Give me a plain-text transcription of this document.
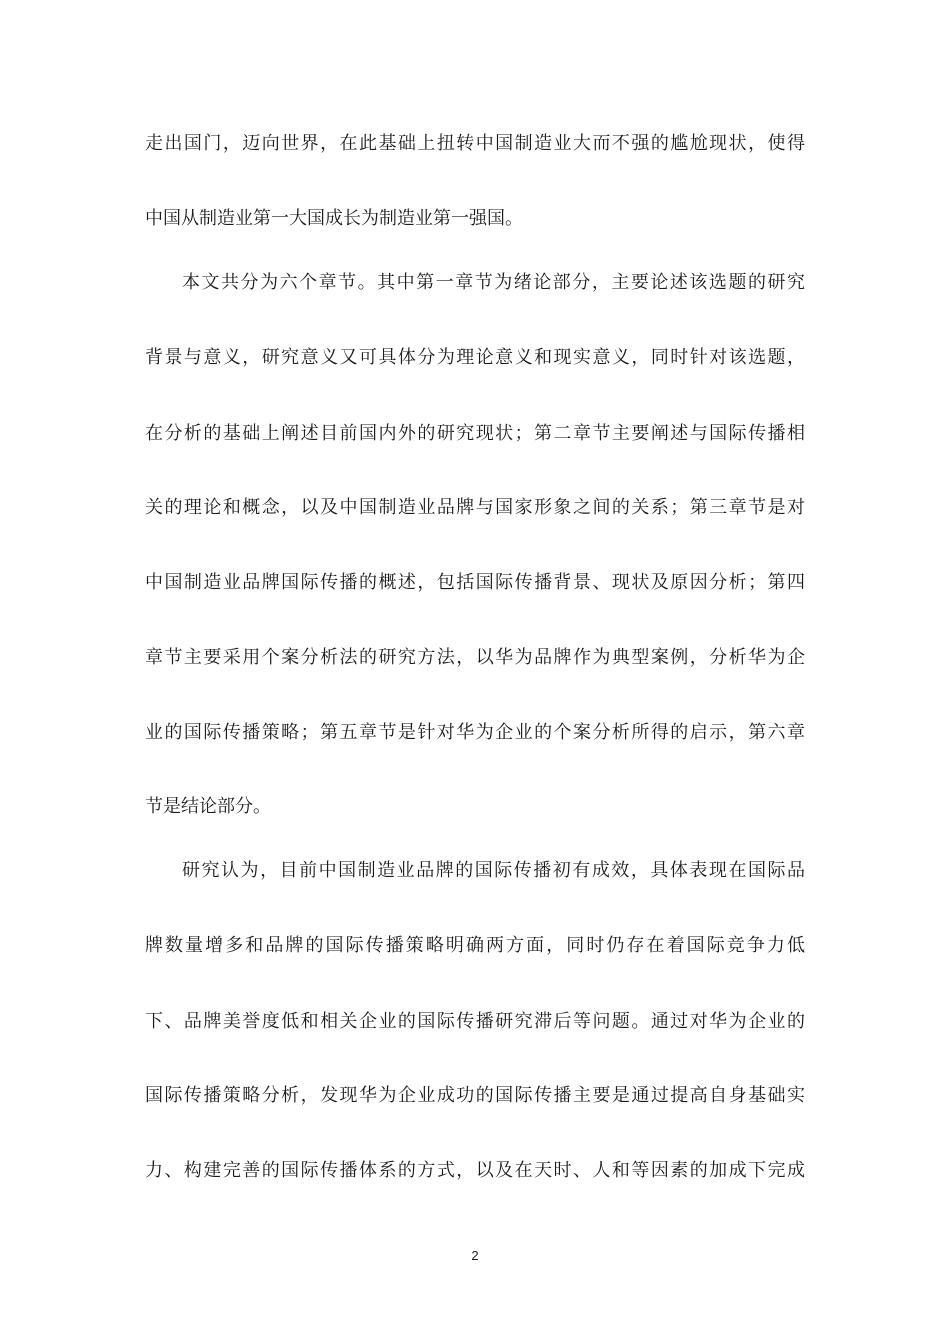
走出国门，迈向世界，在此基础上扭转中国制造业大而不强的尴尬现状，使得
中国从制造业第一大国成长为制造业第一强国。
本文共分为六个章节。其中第一章节为绪论部分，主要论述该选题的研究
背景与意义，研究意义又可具体分为理论意义和现实意义，同时针对该选题，
在分析的基础上阐述目前国内外的研究现状；第二章节主要阐述与国际传播相
关的理论和概念，以及中国制造业品牌与国家形象之间的关系；第三章节是对
中国制造业品牌国际传播的概述，包括国际传播背景、现状及原因分析；第四
章节主要采用个案分析法的研究方法，以华为品牌作为典型案例，分析华为企
业的国际传播策略；第五章节是针对华为企业的个案分析所得的启示，第六章
节是结论部分。
研究认为，目前中国制造业品牌的国际传播初有成效，具体表现在国际品
牌数量增多和品牌的国际传播策略明确两方面，同时仍存在着国际竞争力低
下、品牌美誉度低和相关企业的国际传播研究滞后等问题。通过对华为企业的
国际传播策略分析，发现华为企业成功的国际传播主要是通过提高自身基础实
力、构建完善的国际传播体系的方式，以及在天时、人和等因素的加成下完成
2
